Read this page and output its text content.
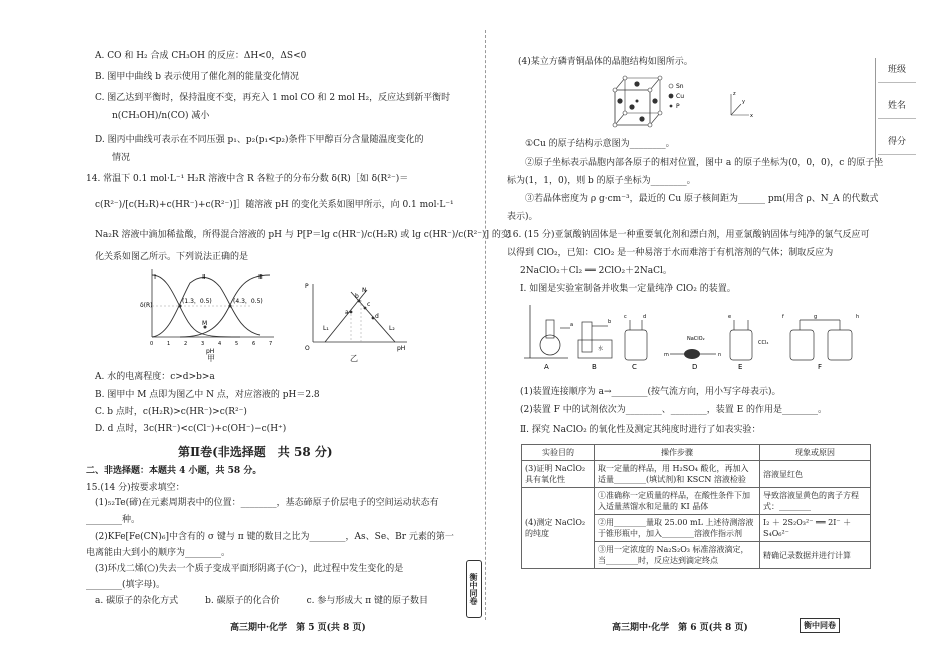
A. CO 和 H₂ 合成 CH₃OH 的反应：ΔH<0，ΔS<0
B. 图甲中曲线 b 表示使用了催化剂的能量变化情况
C. 图乙达到平衡时，保持温度不变，再充入 1 mol CO 和 2 mol H₂，反应达到新平衡时
n(CH₃OH)/n(CO) 减小
D. 图丙中曲线可表示在不同压强 p₁、p₂(p₁<p₂)条件下甲醇百分含量随温度变化的
情况
14. 常温下 0.1 mol·L⁻¹ H₂R 溶液中含 R 各粒子的分布分数 δ(R)［如 δ(R²⁻)＝
c(R²⁻)/[c(H₂R)+c(HR⁻)+c(R²⁻)]］随溶液 pH 的变化关系如图甲所示，向 0.1 mol·L⁻¹
Na₂R 溶液中滴加稀盐酸，所得混合溶液的 pH 与 P[P＝lg c(HR⁻)/c(H₂R) 或 lg c(HR⁻)/c(R²⁻)] 的变
化关系如图乙所示。下列说法正确的是
Ⅰ	Ⅱ	Ⅲ
(1.3，0.5)	(4.3，0.5)
M
δ(R)
pH
0	1	2	3	4	5	6	7
甲
P
pH
O
L₁	L₂
a
b
c
d
N
乙
A. 水的电离程度：c>d>b>a
B. 图甲中 M 点即为图乙中 N 点，对应溶液的 pH＝2.8
C. b 点时，c(H₂R)>c(HR⁻)>c(R²⁻)
D. d 点时，3c(HR⁻)<c(Cl⁻)+c(OH⁻)−c(H⁺)
第Ⅱ卷(非选择题　共 58 分)
二、非选择题：本题共 4 小题，共 58 分。
15.(14 分)按要求填空：
(1)₅₂Te(碲)在元素周期表中的位置：________，基态碲原子价层电子的空间运动状态有
________种。
(2)KFe[Fe(CN)₆]中含有的 σ 键与 π 键的数目之比为________，As、Se、Br 元素的第一
电离能由大到小的顺序为________。
(3)环戊二烯(⬠)失去一个质子变成平面形阴离子(⬠⁻)，此过程中发生变化的是
________(填字母)。
a. 碳原子的杂化方式　　　b. 碳原子的化合价　　　c. 参与形成大 π 键的原子数目
高三期中·化学　第 5 页(共 8 页)
衡中同卷
(4)某立方磷青铜晶体的晶胞结构如图所示。
Sn
Cu
P
x
y
z
①Cu 的原子结构示意图为________。
②原子坐标表示晶胞内部各原子的相对位置，图中 a 的原子坐标为(0，0，0)，c 的原子坐
标为(1，1，0)，则 b 的原子坐标为________。
③若晶体密度为 ρ g·cm⁻³，最近的 Cu 原子核间距为______ pm(用含 ρ、N_A 的代数式
表示)。
16. (15 分)亚氯酸钠固体是一种重要氧化剂和漂白剂，用亚氯酸钠固体与纯净的氯气反应可
以得到 ClO₂，已知：ClO₂ 是一种易溶于水而难溶于有机溶剂的气体；制取反应为
2NaClO₂＋Cl₂ ══ 2ClO₂＋2NaCl。
Ⅰ. 如图是实验室制备并收集一定量纯净 ClO₂ 的装置。
A
a
B
水
b
C
c	d
NaClO₂
D
m	n
CCl₄
E
e
F
f	g	h
(1)装置连接顺序为 a→________(按气流方向，用小写字母表示)。
(2)装置 F 中的试剂依次为________、________，装置 E 的作用是________。
Ⅱ. 探究 NaClO₂ 的氧化性及测定其纯度时进行了如表实验：
实验目的	操作步骤	现象或原因
(3)证明 NaClO₂ 具有氧化性	取一定量的样品，用 H₂SO₄ 酸化，再加入适量________(填试剂)和 KSCN 溶液检验	溶液显红色
(4)测定 NaClO₂ 的纯度	①准确称一定质量的样品，在酸性条件下加入适量蒸馏水和足量的 KI 晶体	导致溶液显黄色的离子方程式：________
	②用________量取 25.00 mL 上述待测溶液于锥形瓶中，加入________溶液作指示剂	I₂ ＋ 2S₂O₃²⁻ ══ 2I⁻ ＋ S₄O₆²⁻
	③用一定浓度的 Na₂S₂O₃ 标准溶液滴定，当________时，反应达到滴定终点	精确记录数据并进行计算
高三期中·化学　第 6 页(共 8 页)	衡中同卷
班级
姓名
得分
